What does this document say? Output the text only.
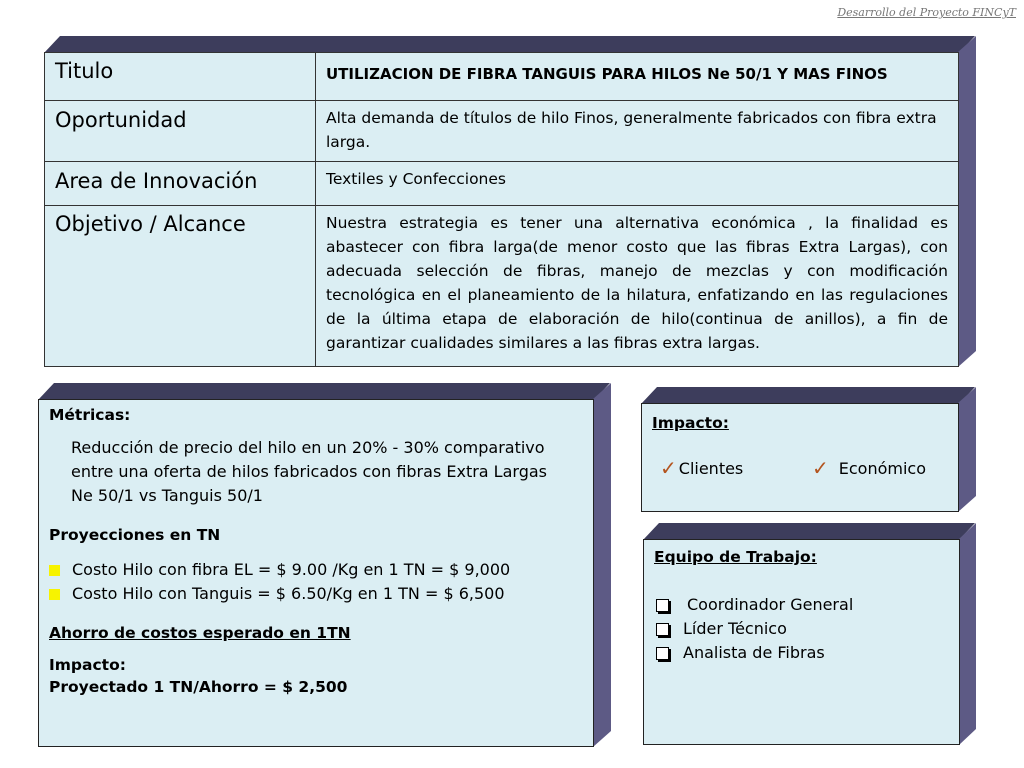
Desarrollo del Proyecto FINCyT
Titulo	UTILIZACION DE FIBRA TANGUIS PARA HILOS Ne 50/1 Y MAS FINOS
Oportunidad	Alta demanda de títulos de hilo Finos, generalmente fabricados con fibra extra larga.
Area de Innovación	Textiles y Confecciones
Objetivo / Alcance	Nuestra estrategia es tener una alternativa económica , la finalidad es abastecer con fibra larga(de menor costo que las fibras Extra Largas), con adecuada selección de fibras, manejo de mezclas y con modificación tecnológica en el planeamiento de la hilatura, enfatizando en las regulaciones de la última etapa de elaboración de hilo(continua de anillos), a fin de garantizar cualidades similares a las fibras extra largas.
Métricas:
Reducción de precio del hilo en un 20% - 30% comparativo entre una oferta de hilos fabricados con fibras Extra Largas Ne 50/1 vs Tanguis 50/1
Proyecciones en TN
Costo Hilo con fibra EL = $ 9.00 /Kg en 1 TN = $ 9,000
Costo Hilo con Tanguis = $ 6.50/Kg en 1 TN = $ 6,500
Ahorro de costos esperado en 1TN
Impacto:
Proyectado 1 TN/Ahorro = $ 2,500
Impacto:
✓ Clientes	✓ Económico
Equipo de Trabajo:
Coordinador General
Líder Técnico
Analista de Fibras
